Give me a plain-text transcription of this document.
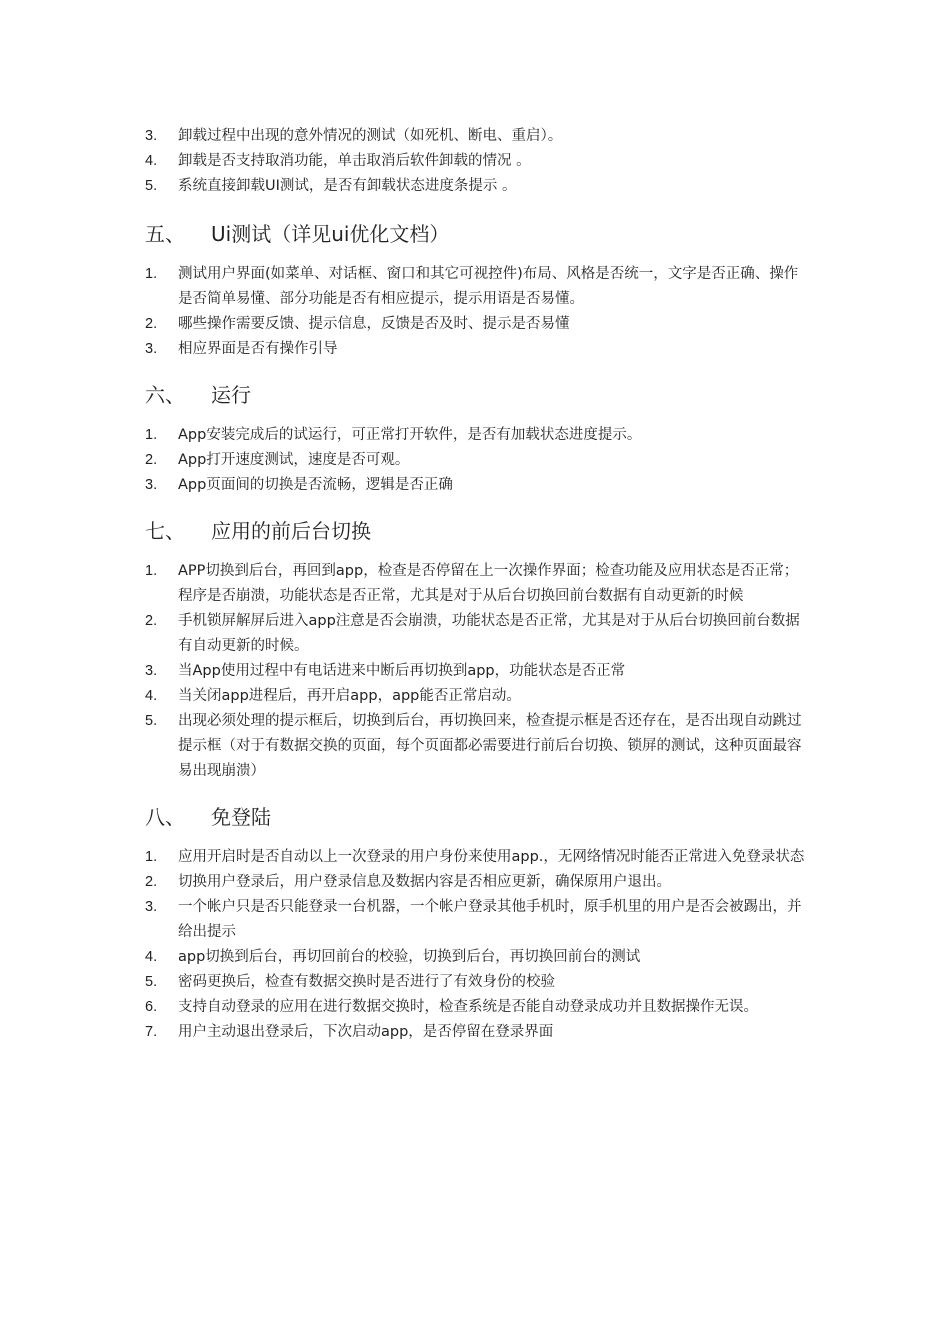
3.	卸载过程中出现的意外情况的测试（如死机、断电、重启）。
4.	卸载是否支持取消功能，单击取消后软件卸载的情况 。
5.	系统直接卸载UI测试，是否有卸载状态进度条提示 。
五、	Ui测试（详见ui优化文档）
1.	测试用户界面(如菜单、对话框、窗口和其它可视控件)布局、风格是否统一，文字是否正确、操作是否简单易懂、部分功能是否有相应提示，提示用语是否易懂。
2.	哪些操作需要反馈、提示信息，反馈是否及时、提示是否易懂
3.	相应界面是否有操作引导
六、	运行
1.	App安装完成后的试运行，可正常打开软件，是否有加载状态进度提示。
2.	App打开速度测试，速度是否可观。
3.	App页面间的切换是否流畅，逻辑是否正确
七、	应用的前后台切换
1.	APP切换到后台，再回到app，检查是否停留在上一次操作界面；检查功能及应用状态是否正常；程序是否崩溃，功能状态是否正常，尤其是对于从后台切换回前台数据有自动更新的时候
2.	手机锁屏解屏后进入app注意是否会崩溃，功能状态是否正常，尤其是对于从后台切换回前台数据有自动更新的时候。
3.	当App使用过程中有电话进来中断后再切换到app，功能状态是否正常
4.	当关闭app进程后，再开启app，app能否正常启动。
5.	出现必须处理的提示框后，切换到后台，再切换回来，检查提示框是否还存在，是否出现自动跳过提示框（对于有数据交换的页面，每个页面都必需要进行前后台切换、锁屏的测试，这种页面最容易出现崩溃）
八、	免登陆
1.	应用开启时是否自动以上一次登录的用户身份来使用app.，无网络情况时能否正常进入免登录状态
2.	切换用户登录后，用户登录信息及数据内容是否相应更新，确保原用户退出。
3.	一个帐户只是否只能登录一台机器，一个帐户登录其他手机时，原手机里的用户是否会被踢出，并给出提示
4.	app切换到后台，再切回前台的校验，切换到后台，再切换回前台的测试
5.	密码更换后，检查有数据交换时是否进行了有效身份的校验
6.	支持自动登录的应用在进行数据交换时，检查系统是否能自动登录成功并且数据操作无误。
7.	用户主动退出登录后，下次启动app，是否停留在登录界面
